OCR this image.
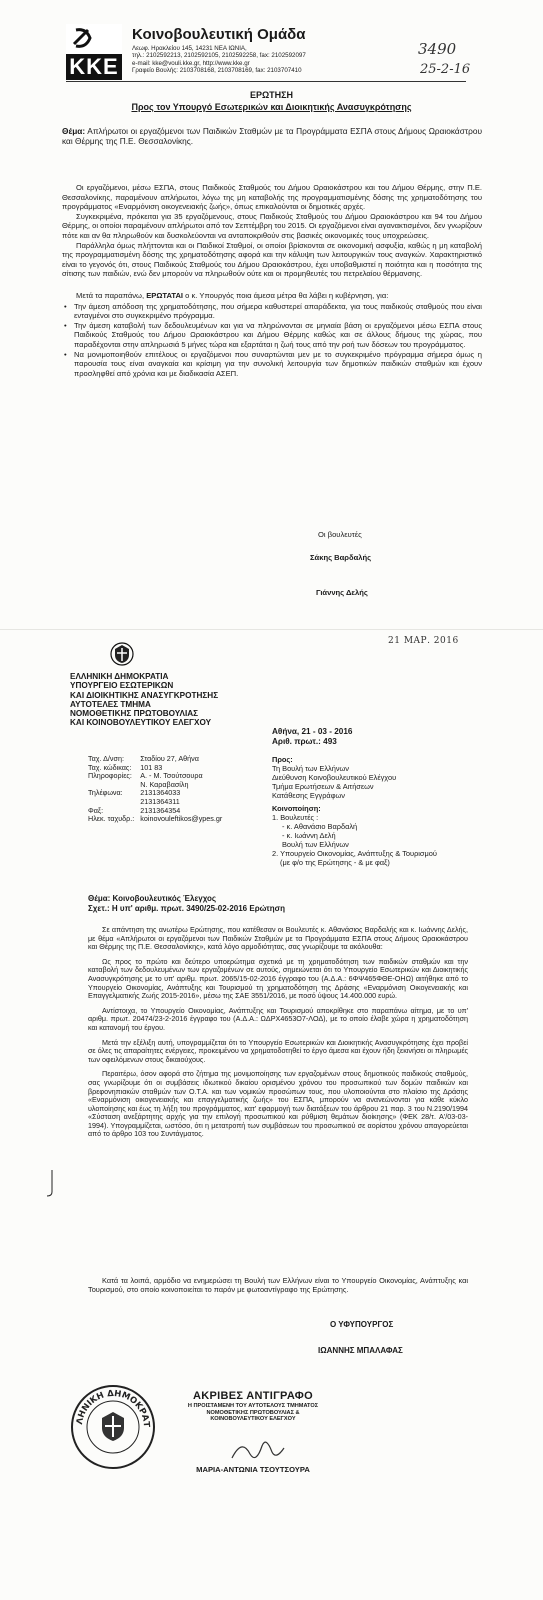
ΚΚΕ
Κοινοβουλευτική Ομάδα
Λεωφ. Ηρακλείου 145, 14231 ΝΕΑ ΙΩΝΙΑ,
τηλ.: 2102592213, 2102592105, 2102592258, fax: 2102592097
e-mail: kke@vouli.kke.gr, http://www.kke.gr
Γραφείο Βουλής: 2103708168, 2103708169, fax: 2103707410
3490
25-2-16
ΕΡΩΤΗΣΗ
Προς τον Υπουργό Εσωτερικών και Διοικητικής Ανασυγκρότησης
Θέμα: Απλήρωτοι οι εργαζόμενοι των Παιδικών Σταθμών με τα Προγράμματα ΕΣΠΑ στους Δήμους Ωραιοκάστρου και Θέρμης της Π.Ε. Θεσσαλονίκης.

Οι εργαζόμενοι, μέσω ΕΣΠΑ, στους Παιδικούς Σταθμούς του Δήμου Ωραιοκάστρου και του Δήμου Θέρμης, στην Π.Ε. Θεσσαλονίκης, παραμένουν απλήρωτοι, λόγω της μη καταβολής της προγραμματισμένης δόσης της χρηματοδότησης του προγράμματος «Εναρμόνιση οικογενειακής ζωής», όπως επικαλούνται οι δημοτικές αρχές.

Συγκεκριμένα, πρόκειται για 35 εργαζόμενους, στους Παιδικούς Σταθμούς του Δήμου Ωραιοκάστρου και 94 του Δήμου Θέρμης, οι οποίοι παραμένουν απλήρωτοι από τον Σεπτέμβρη του 2015. Οι εργαζόμενοι είναι αγανακτισμένοι, δεν γνωρίζουν πότε και αν θα πληρωθούν και δυσκολεύονται να ανταποκριθούν στις βασικές οικονομικές τους υποχρεώσεις.

Παράλληλα όμως πλήττονται και οι Παιδικοί Σταθμοί, οι οποίοι βρίσκονται σε οικονομική ασφυξία, καθώς η μη καταβολή της προγραμματισμένη δόσης της χρηματοδότησης αφορά και την κάλυψη των λειτουργικών τους αναγκών. Χαρακτηριστικό είναι το γεγονός ότι, στους Παιδικούς Σταθμούς του Δήμου Ωραιοκάστρου, έχει υποβαθμιστεί η ποιότητα και η ποσότητα της σίτισης των παιδιών, ενώ δεν μπορούν να πληρωθούν ούτε και οι προμηθευτές του πετρελαίου θέρμανσης.

Μετά τα παραπάνω, ΕΡΩΤΑΤΑΙ ο κ. Υπουργός ποια άμεσα μέτρα θα λάβει η κυβέρνηση, για:

• Την άμεση απόδοση της χρηματοδότησης, που σήμερα καθυστερεί απαράδεκτα, για τους παιδικούς σταθμούς που είναι ενταγμένοι στο συγκεκριμένο πρόγραμμα.
• Την άμεση καταβολή των δεδουλευμένων και για να πληρώνονται σε μηνιαία βάση οι εργαζόμενοι μέσω ΕΣΠΑ στους Παιδικούς Σταθμούς του Δήμου Ωραιοκάστρου και Δήμου Θέρμης καθώς και σε άλλους δήμους της χώρας, που παραδέχονται στην απληρωσιά 5 μήνες τώρα και εξαρτάται η ζωή τους από την ροή των δόσεων του προγράμματος.
• Να μονιμοποιηθούν επιτέλους οι εργαζόμενοι που συναρτώνται μεν με το συγκεκριμένο πρόγραμμα σήμερα όμως η παρουσία τους είναι αναγκαία και κρίσιμη για την συνολική λειτουργία των δημοτικών παιδικών σταθμών και έχουν προσληφθεί από χρόνια και με διαδικασία ΑΣΕΠ.
Οι βουλευτές
Σάκης Βαρδαλής
Γιάννης Δελής
21 ΜΑΡ. 2016
ΕΛΛΗΝΙΚΗ ΔΗΜΟΚΡΑΤΙΑ
ΥΠΟΥΡΓΕΙΟ ΕΣΩΤΕΡΙΚΩΝ
ΚΑΙ ΔΙΟΙΚΗΤΙΚΗΣ ΑΝΑΣΥΓΚΡΟΤΗΣΗΣ
ΑΥΤΟΤΕΛΕΣ ΤΜΗΜΑ
ΝΟΜΟΘΕΤΙΚΗΣ ΠΡΩΤΟΒΟΥΛΙΑΣ
ΚΑΙ ΚΟΙΝΟΒΟΥΛΕΥΤΙΚΟΥ ΕΛΕΓΧΟΥ
Αθήνα, 21 - 03 - 2016
Αριθ. πρωτ.: 493
Ταχ. Δ/νση:	Σταδίου 27, Αθήνα
Ταχ. κώδικας:	101 83
Πληροφορίες:	Α. - Μ. Τσούτσουρα
	Ν. Καραβασίλη
Τηλέφωνα:	2131364033
	2131364311
Φαξ:	2131364354
Ηλεκ. ταχυδρ.:	koinovouleftikos@ypes.gr
Προς:
Τη Βουλή των Ελλήνων
Διεύθυνση Κοινοβουλευτικού Ελέγχου
Τμήμα Ερωτήσεων & Αιτήσεων
Κατάθεσης Εγγράφων
Κοινοποίηση:
1. Βουλευτές :
- κ. Αθανάσιο Βαρδαλή
- κ. Ιωάννη Δελή
Βουλή των Ελλήνων
2. Υπουργείο Οικονομίας, Ανάπτυξης & Τουρισμού
(με φ/ο της Ερώτησης - & με φαξ)
Θέμα: Κοινοβουλευτικός Έλεγχος
Σχετ.: Η υπ' αριθμ. πρωτ. 3490/25-02-2016 Ερώτηση

Σε απάντηση της ανωτέρω Ερώτησης, που κατέθεσαν οι Βουλευτές κ. Αθανάσιος Βαρδαλής και κ. Ιωάννης Δελής, με θέμα «Απλήρωτοι οι εργαζόμενοι των Παιδικών Σταθμών με τα Προγράμματα ΕΣΠΑ στους Δήμους Ωραιοκάστρου και Θέρμης της Π.Ε. Θεσσαλονίκης», κατά λόγο αρμοδιότητας, σας γνωρίζουμε τα ακόλουθα:

Ως προς το πρώτο και δεύτερο υποερώτημα σχετικά με τη χρηματοδότηση των παιδικών σταθμών και την καταβολή των δεδουλευμένων των εργαζομένων σε αυτούς, σημειώνεται ότι το Υπουργείο Εσωτερικών και Διοικητικής Ανασυγκρότησης με το υπ' αριθμ. πρωτ. 2065/15-02-2016 έγγραφο του (Α.Δ.Α.: 6ΦΨ465ΦΘΕ-ΟΗΩ) αιτήθηκε από το Υπουργείο Οικονομίας, Ανάπτυξης και Τουρισμού τη χρηματοδότηση της Δράσης «Εναρμόνιση Οικογενειακής και Επαγγελματικής Ζωής 2015-2016», μέσω της ΣΑΕ 3551/2016, με ποσό ύψους 14.400.000 ευρώ.

Αντίστοιχα, το Υπουργείο Οικονομίας, Ανάπτυξης και Τουρισμού αποκρίθηκε στο παραπάνω αίτημα, με το υπ' αριθμ. πρωτ. 20474/23-2-2016 έγγραφο του (Α.Δ.Α.: ΩΔΡΧ4653Ο7-ΛΟΔ), με το οποίο έλαβε χώρα η χρηματοδότηση και κατανομή του έργου.

Μετά την εξέλιξη αυτή, υπογραμμίζεται ότι το Υπουργείο Εσωτερικών και Διοικητικής Ανασυγκρότησης έχει προβεί σε όλες τις απαραίτητες ενέργειες, προκειμένου να χρηματοδοτηθεί το έργο άμεσα και έχουν ήδη ξεκινήσει οι πληρωμές των οφειλόμενων στους δικαιούχους.

Περαιτέρω, όσον αφορά στο ζήτημα της μονιμοποίησης των εργαζομένων στους δημοτικούς παιδικούς σταθμούς, σας γνωρίζουμε ότι οι συμβάσεις ιδιωτικού δικαίου ορισμένου χρόνου του προσωπικού των δομών παιδικών και βρεφονηπιακών σταθμών των Ο.Τ.Α. και των νομικών προσώπων τους, που υλοποιούνται στο πλαίσιο της Δράσης «Εναρμόνιση οικογενειακής και επαγγελματικής ζωής» του ΕΣΠΑ, μπορούν να ανανεώνονται για κάθε κύκλο υλοποίησης και έως τη λήξη του προγράμματος, κατ' εφαρμογή των διατάξεων του άρθρου 21 παρ. 3 του Ν.2190/1994 «Σύσταση ανεξάρτητης αρχής για την επιλογή προσωπικού και ρύθμιση θεμάτων διοίκησης» (ΦΕΚ 28/τ. Α'/03-03-1994). Υπογραμμίζεται, ωστόσο, ότι η μετατροπή των συμβάσεων του προσωπικού σε αορίστου χρόνου απαγορεύεται από το άρθρο 103 του Συντάγματος.

Κατά τα λοιπά, αρμόδιο να ενημερώσει τη Βουλή των Ελλήνων είναι το Υπουργείο Οικονομίας, Ανάπτυξης και Τουρισμού, στο οποίο κοινοποιείται το παρόν με φωτοαντίγραφο της Ερώτησης.

Ο ΥΦΥΠΟΥΡΓΟΣ
ΙΩΑΝΝΗΣ ΜΠΑΛΑΦΑΣ
ΛΗΝΙΚΗ ΔΗΜΟΚΡΑΤ
ΑΚΡΙΒΕΣ ΑΝΤΙΓΡΑΦΟ
Η ΠΡΟΙΣΤΑΜΕΝΗ ΤΟΥ ΑΥΤΟΤΕΛΟΥΣ ΤΜΗΜΑΤΟΣ
ΝΟΜΟΘΕΤΙΚΗΣ ΠΡΩΤΟΒΟΥΛΙΑΣ &
ΚΟΙΝΟΒΟΥΛΕΥΤΙΚΟΥ ΕΛΕΓΧΟΥ
ΜΑΡΙΑ-ΑΝΤΩΝΙΑ ΤΣΟΥΤΣΟΥΡΑ
